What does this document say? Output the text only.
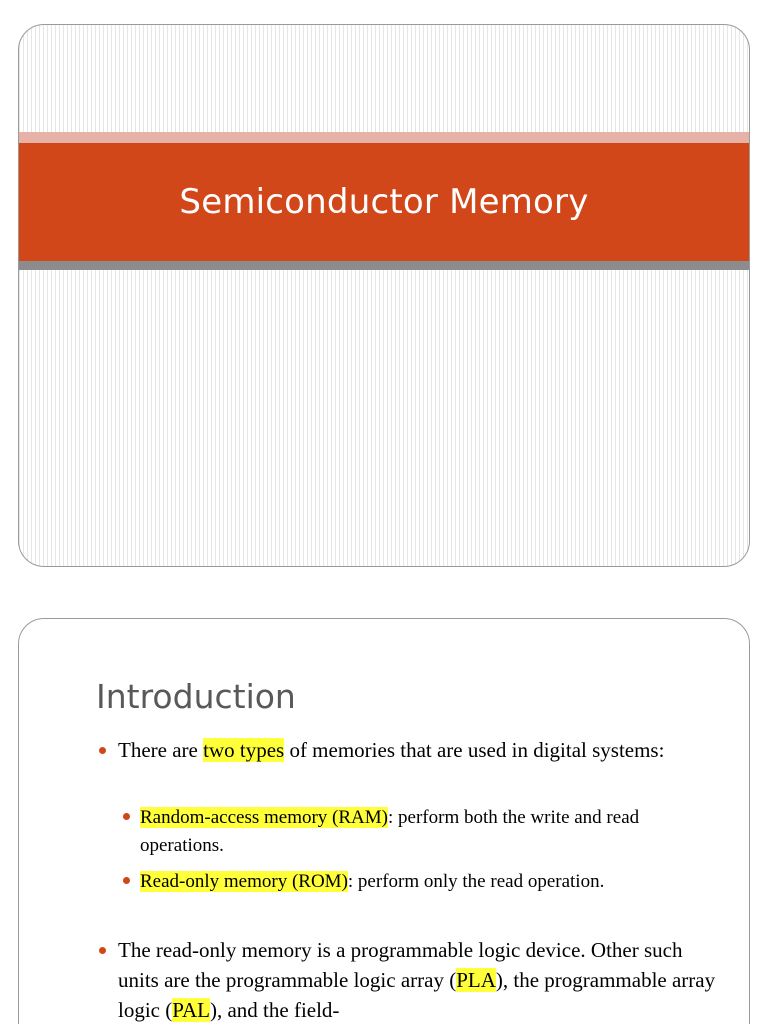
Semiconductor Memory
Introduction
There are two types of memories that are used in digital systems:
Random-access memory (RAM): perform both the write and read operations.
Read-only memory (ROM): perform only the read operation.
The read-only memory is a programmable logic device. Other such units are the programmable logic array (PLA), the programmable array logic (PAL), and the field-
